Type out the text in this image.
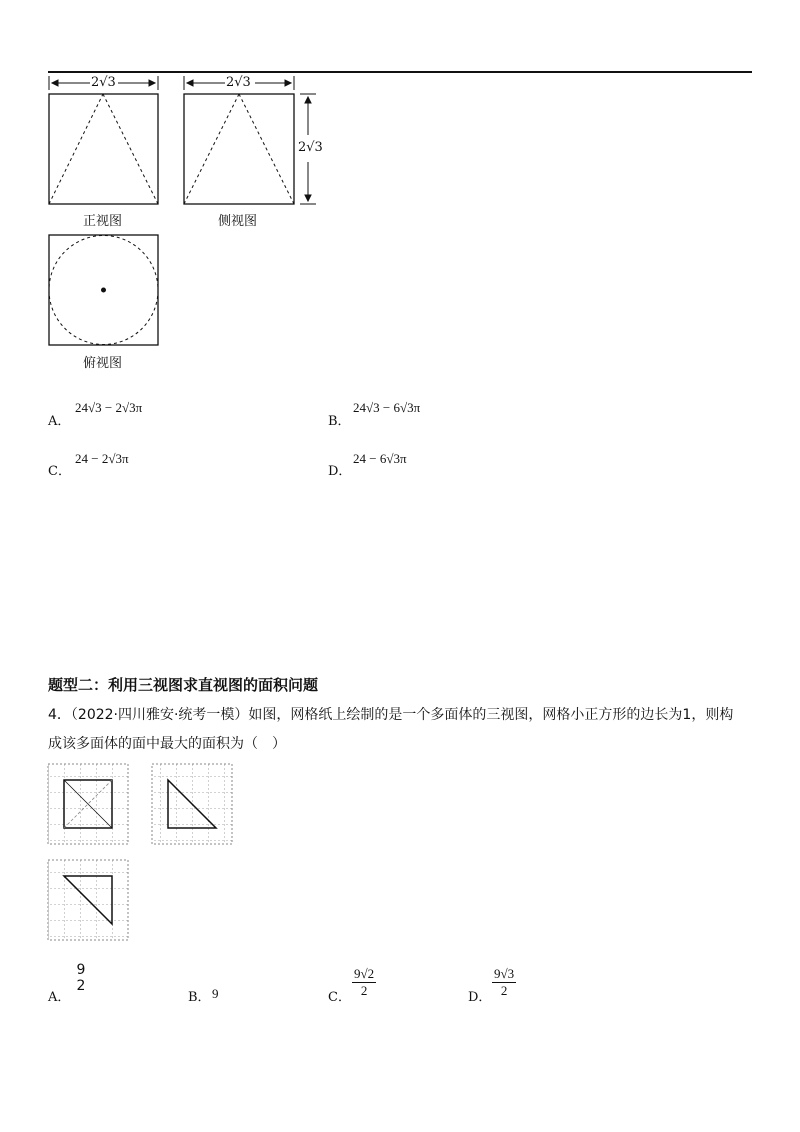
2√3	2√3
2√3
正视图	侧视图
俯视图
A．
24√3 − 2√3π
B．
24√3 − 6√3π
C．
24 − 2√3π
D．
24 − 6√3π
题型二：利用三视图求直视图的面积问题
4．（2022·四川雅安·统考一模）如图，网格纸上绘制的是一个多面体的三视图，网格小正方形的边长为1，则构
成该多面体的面中最大的面积为（　）
A．
9
2
B． 9	C． $\frac{9√2}{2}$	D． $\frac{9√3}{2}$
